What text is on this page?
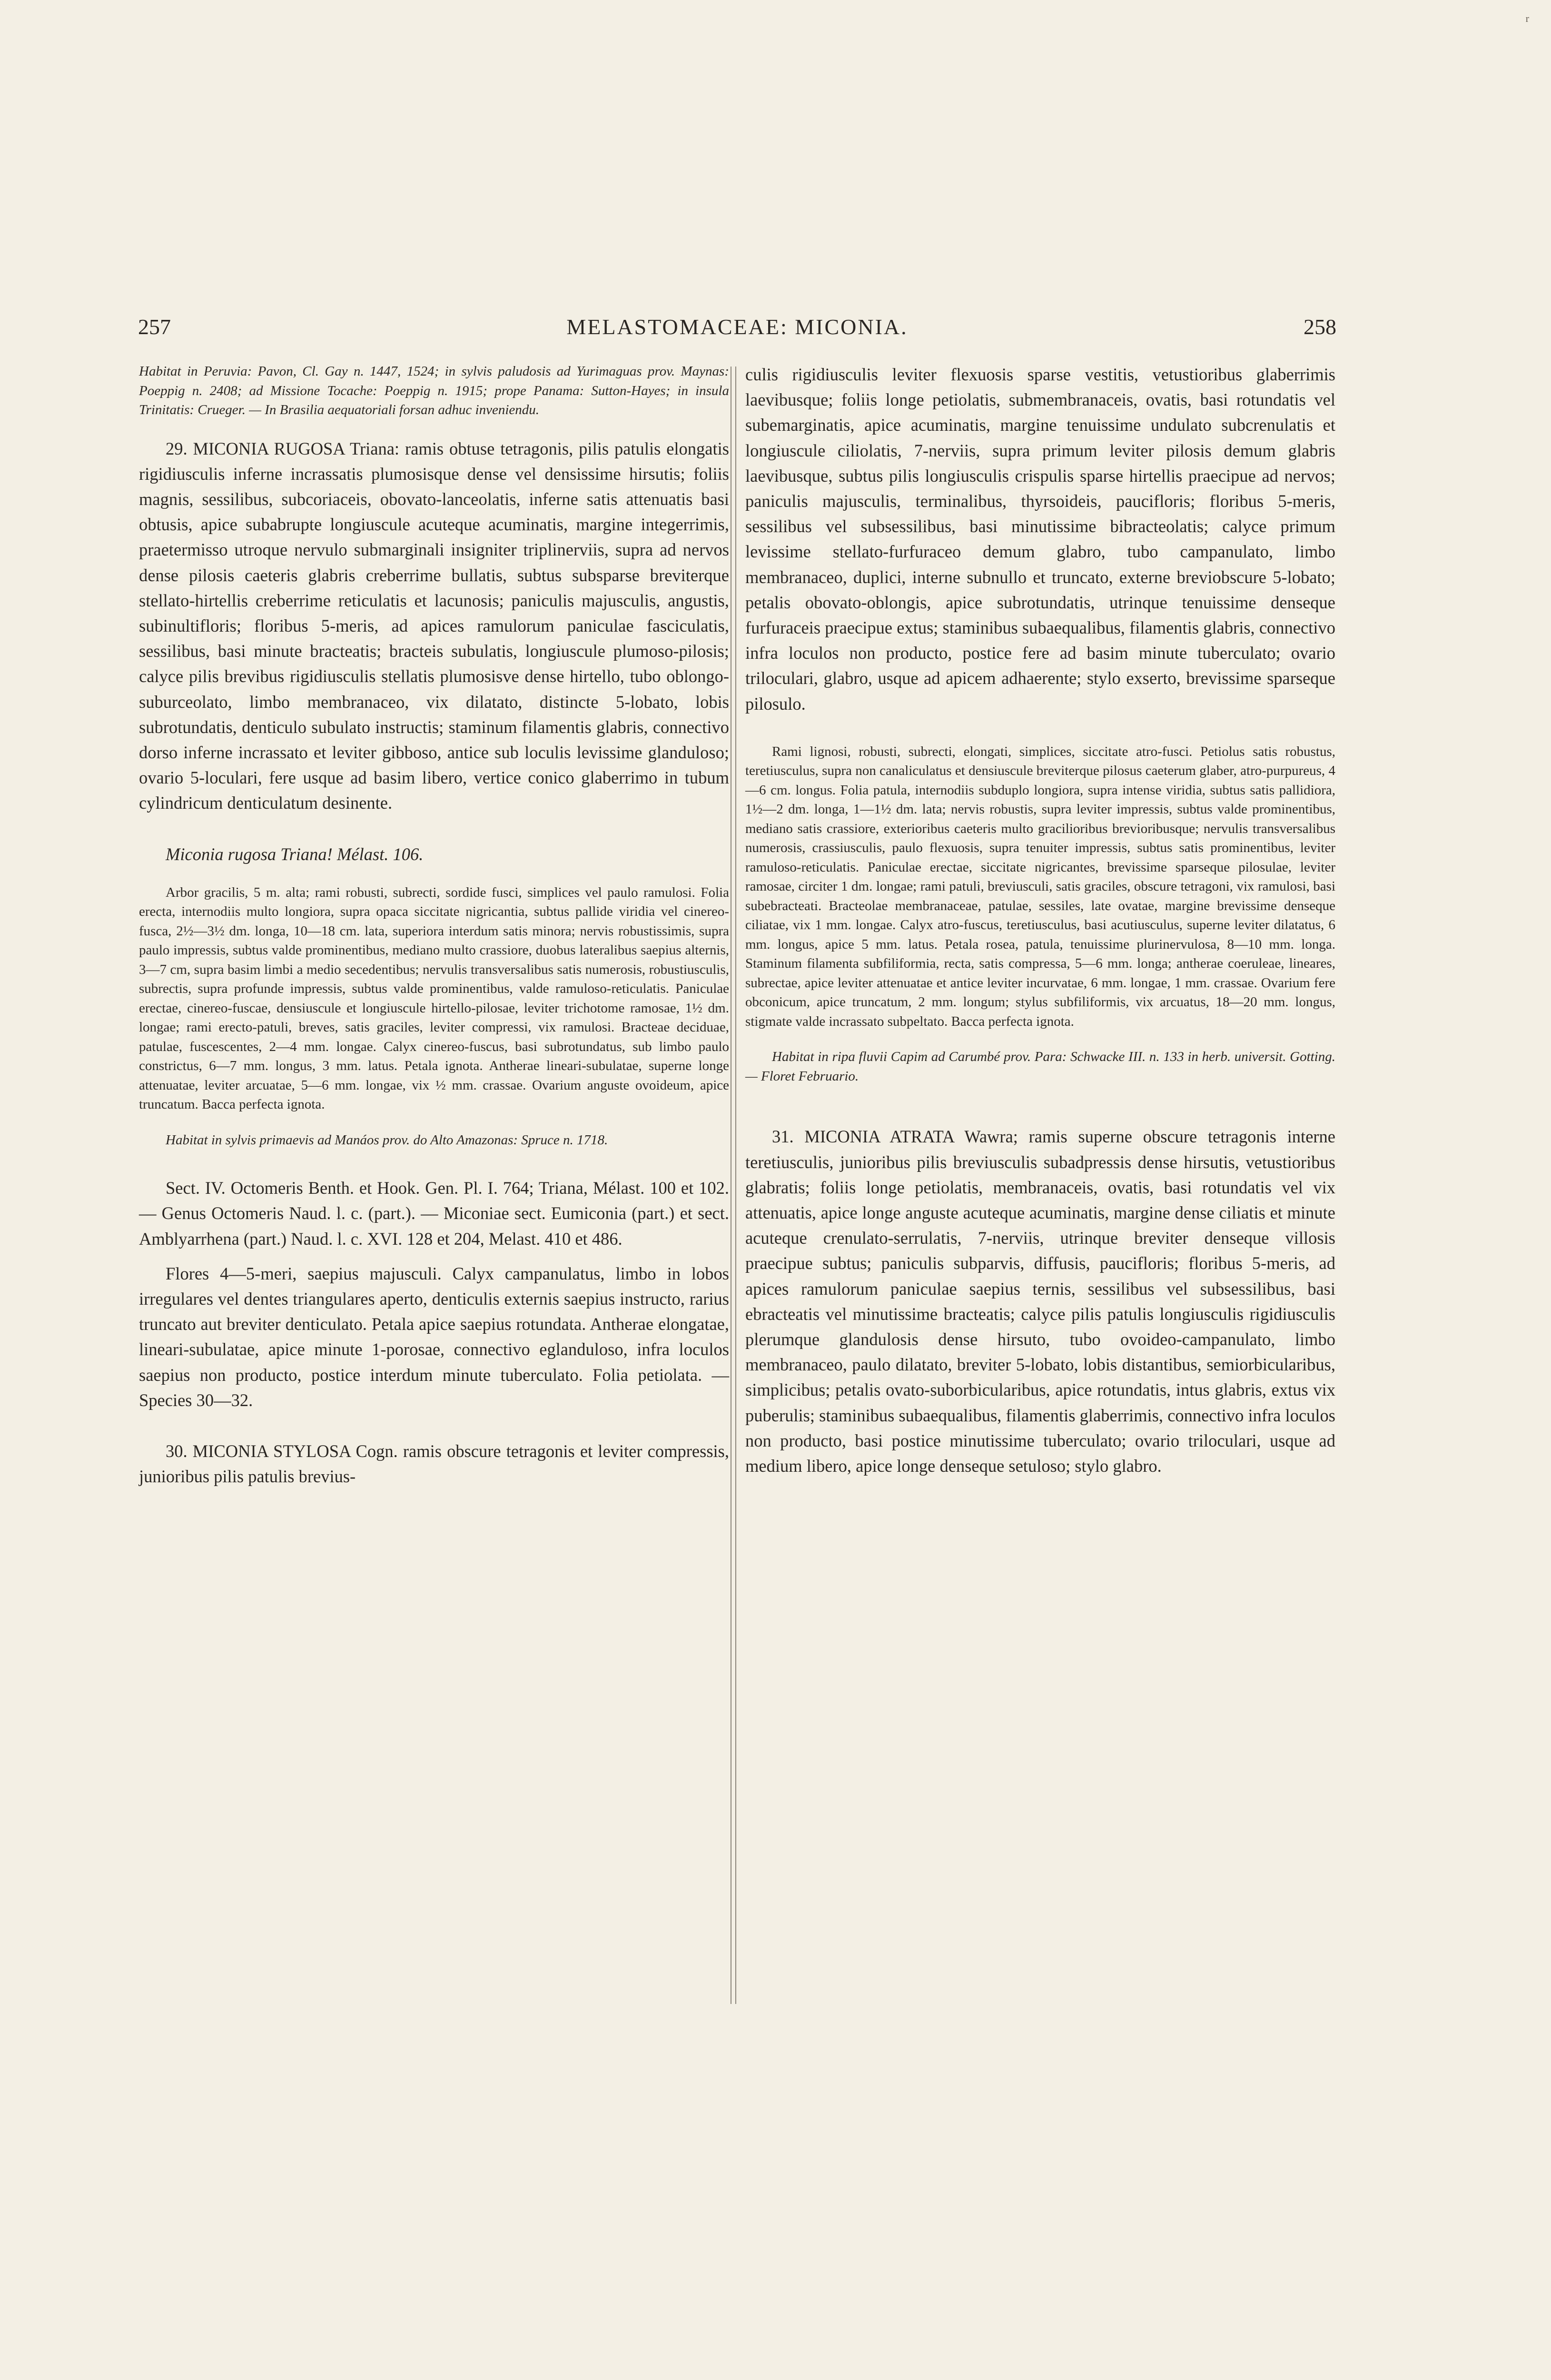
r
257	MELASTOMACEAE: MICONIA.	258

Habitat in Peruvia: Pavon, Cl. Gay n. 1447, 1524; in sylvis paludosis ad Yurimaguas prov. Maynas: Poeppig n. 2408; ad Missione Tocache: Poeppig n. 1915; prope Panama: Sutton-Hayes; in insula Trinitatis: Crueger. — In Brasilia aequatoriali forsan adhuc inveniendu.

29. MICONIA RUGOSA Triana: ramis obtuse tetragonis, pilis patulis elongatis rigidiusculis inferne incrassatis plumosisque dense vel densissime hirsutis; foliis magnis, sessilibus, subcoriaceis, obovato-lanceolatis, inferne satis attenuatis basi obtusis, apice subabrupte longiuscule acuteque acuminatis, margine integerrimis, praetermisso utroque nervulo submarginali insigniter triplinerviis, supra ad nervos dense pilosis caeteris glabris creberrime bullatis, subtus subsparse breviterque stellato-hirtellis creberrime reticulatis et lacunosis; paniculis majusculis, angustis, subinultifloris; floribus 5-meris, ad apices ramulorum paniculae fasciculatis, sessilibus, basi minute bracteatis; bracteis subulatis, longiuscule plumoso-pilosis; calyce pilis brevibus rigidiusculis stellatis plumosisve dense hirtello, tubo oblongo-suburceolato, limbo membranaceo, vix dilatato, distincte 5-lobato, lobis subrotundatis, denticulo subulato instructis; staminum filamentis glabris, connectivo dorso inferne incrassato et leviter gibboso, antice sub loculis levissime glanduloso; ovario 5-loculari, fere usque ad basim libero, vertice conico glaberrimo in tubum cylindricum denticulatum desinente.

Miconia rugosa Triana! Mélast. 106.

Arbor gracilis, 5 m. alta; rami robusti, subrecti, sordide fusci, simplices vel paulo ramulosi. Folia erecta, internodiis multo longiora, supra opaca siccitate nigricantia, subtus pallide viridia vel cinereo-fusca, 2½—3½ dm. longa, 10—18 cm. lata, superiora interdum satis minora; nervis robustissimis, supra paulo impressis, subtus valde prominentibus, mediano multo crassiore, duobus lateralibus saepius alternis, 3—7 cm, supra basim limbi a medio secedentibus; nervulis transversalibus satis numerosis, robustiusculis, subrectis, supra profunde impressis, subtus valde prominentibus, valde ramuloso-reticulatis. Paniculae erectae, cinereo-fuscae, densiuscule et longiuscule hirtello-pilosae, leviter trichotome ramosae, 1½ dm. longae; rami erecto-patuli, breves, satis graciles, leviter compressi, vix ramulosi. Bracteae deciduae, patulae, fuscescentes, 2—4 mm. longae. Calyx cinereo-fuscus, basi subrotundatus, sub limbo paulo constrictus, 6—7 mm. longus, 3 mm. latus. Petala ignota. Antherae lineari-subulatae, superne longe attenuatae, leviter arcuatae, 5—6 mm. longae, vix ½ mm. crassae. Ovarium anguste ovoideum, apice truncatum. Bacca perfecta ignota.

Habitat in sylvis primaevis ad Manáos prov. do Alto Amazonas: Spruce n. 1718.

Sect. IV. Octomeris Benth. et Hook. Gen. Pl. I. 764; Triana, Mélast. 100 et 102. — Genus Octomeris Naud. l. c. (part.). — Miconiae sect. Eumiconia (part.) et sect. Amblyarrhena (part.) Naud. l. c. XVI. 128 et 204, Melast. 410 et 486.

Flores 4—5-meri, saepius majusculi. Calyx campanulatus, limbo in lobos irregulares vel dentes triangulares aperto, denticulis externis saepius instructo, rarius truncato aut breviter denticulato. Petala apice saepius rotundata. Antherae elongatae, lineari-subulatae, apice minute 1-porosae, connectivo eglanduloso, infra loculos saepius non producto, postice interdum minute tuberculato. Folia petiolata. — Species 30—32.

30. MICONIA STYLOSA Cogn. ramis obscure tetragonis et leviter compressis, junioribus pilis patulis brevius-

culis rigidiusculis leviter flexuosis sparse vestitis, vetustioribus glaberrimis laevibusque; foliis longe petiolatis, submembranaceis, ovatis, basi rotundatis vel subemarginatis, apice acuminatis, margine tenuissime undulato subcrenulatis et longiuscule ciliolatis, 7-nerviis, supra primum leviter pilosis demum glabris laevibusque, subtus pilis longiusculis crispulis sparse hirtellis praecipue ad nervos; paniculis majusculis, terminalibus, thyrsoideis, paucifloris; floribus 5-meris, sessilibus vel subsessilibus, basi minutissime bibracteolatis; calyce primum levissime stellato-furfuraceo demum glabro, tubo campanulato, limbo membranaceo, duplici, interne subnullo et truncato, externe breviobscure 5-lobato; petalis obovato-oblongis, apice subrotundatis, utrinque tenuissime denseque furfuraceis praecipue extus; staminibus subaequalibus, filamentis glabris, connectivo infra loculos non producto, postice fere ad basim minute tuberculato; ovario triloculari, glabro, usque ad apicem adhaerente; stylo exserto, brevissime sparseque pilosulo.

Rami lignosi, robusti, subrecti, elongati, simplices, siccitate atro-fusci. Petiolus satis robustus, teretiusculus, supra non canaliculatus et densiuscule breviterque pilosus caeterum glaber, atro-purpureus, 4—6 cm. longus. Folia patula, internodiis subduplo longiora, supra intense viridia, subtus satis pallidiora, 1½—2 dm. longa, 1—1½ dm. lata; nervis robustis, supra leviter impressis, subtus valde prominentibus, mediano satis crassiore, exterioribus caeteris multo gracilioribus brevioribusque; nervulis transversalibus numerosis, crassiusculis, paulo flexuosis, supra tenuiter impressis, subtus satis prominentibus, leviter ramuloso-reticulatis. Paniculae erectae, siccitate nigricantes, brevissime sparseque pilosulae, leviter ramosae, circiter 1 dm. longae; rami patuli, breviusculi, satis graciles, obscure tetragoni, vix ramulosi, basi subebracteati. Bracteolae membranaceae, patulae, sessiles, late ovatae, margine brevissime denseque ciliatae, vix 1 mm. longae. Calyx atro-fuscus, teretiusculus, basi acutiusculus, superne leviter dilatatus, 6 mm. longus, apice 5 mm. latus. Petala rosea, patula, tenuissime plurinervulosa, 8—10 mm. longa. Staminum filamenta subfiliformia, recta, satis compressa, 5—6 mm. longa; antherae coeruleae, lineares, subrectae, apice leviter attenuatae et antice leviter incurvatae, 6 mm. longae, 1 mm. crassae. Ovarium fere obconicum, apice truncatum, 2 mm. longum; stylus subfiliformis, vix arcuatus, 18—20 mm. longus, stigmate valde incrassato subpeltato. Bacca perfecta ignota.

Habitat in ripa fluvii Capim ad Carumbé prov. Para: Schwacke III. n. 133 in herb. universit. Gotting. — Floret Februario.

31. MICONIA ATRATA Wawra; ramis superne obscure tetragonis interne teretiusculis, junioribus pilis breviusculis subadpressis dense hirsutis, vetustioribus glabratis; foliis longe petiolatis, membranaceis, ovatis, basi rotundatis vel vix attenuatis, apice longe anguste acuteque acuminatis, margine dense ciliatis et minute acuteque crenulato-serrulatis, 7-nerviis, utrinque breviter denseque villosis praecipue subtus; paniculis subparvis, diffusis, paucifloris; floribus 5-meris, ad apices ramulorum paniculae saepius ternis, sessilibus vel subsessilibus, basi ebracteatis vel minutissime bracteatis; calyce pilis patulis longiusculis rigidiusculis plerumque glandulosis dense hirsuto, tubo ovoideo-campanulato, limbo membranaceo, paulo dilatato, breviter 5-lobato, lobis distantibus, semiorbicularibus, simplicibus; petalis ovato-suborbicularibus, apice rotundatis, intus glabris, extus vix puberulis; staminibus subaequalibus, filamentis glaberrimis, connectivo infra loculos non producto, basi postice minutissime tuberculato; ovario triloculari, usque ad medium libero, apice longe denseque setuloso; stylo glabro.
